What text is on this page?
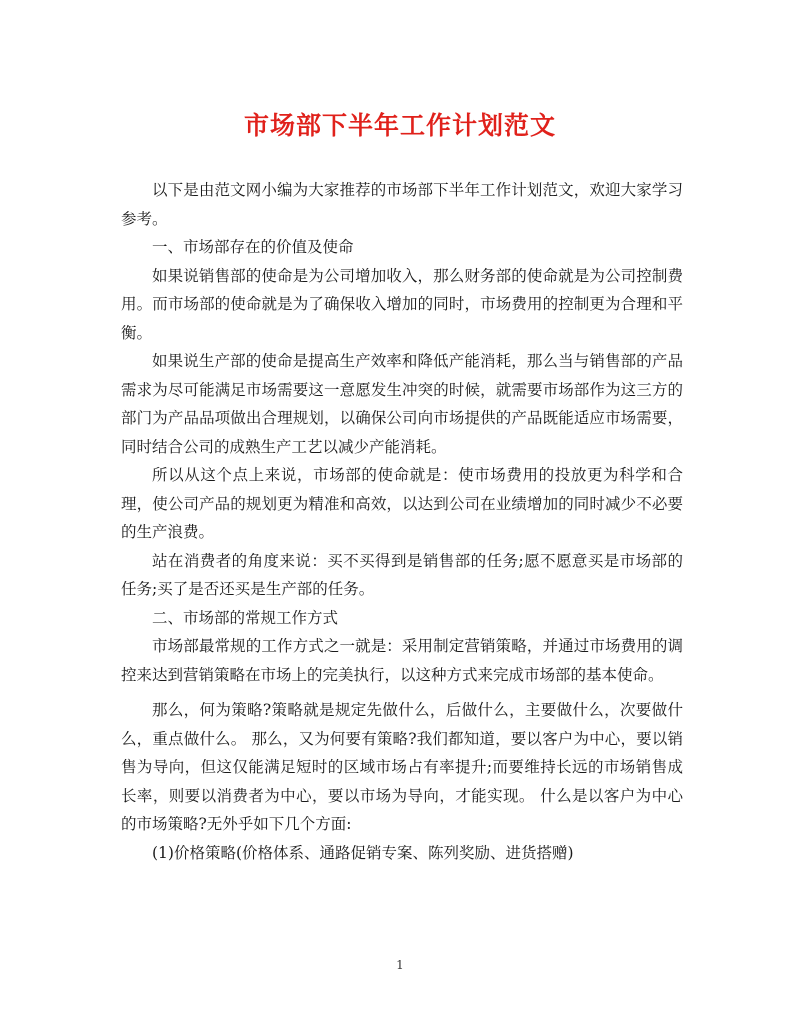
市场部下半年工作计划范文

以下是由范文网小编为大家推荐的市场部下半年工作计划范文，欢迎大家学习参考。

一、市场部存在的价值及使命

如果说销售部的使命是为公司增加收入，那么财务部的使命就是为公司控制费用。而市场部的使命就是为了确保收入增加的同时，市场费用的控制更为合理和平衡。

如果说生产部的使命是提高生产效率和降低产能消耗，那么当与销售部的产品需求为尽可能满足市场需要这一意愿发生冲突的时候，就需要市场部作为这三方的部门为产品品项做出合理规划，以确保公司向市场提供的产品既能适应市场需要，同时结合公司的成熟生产工艺以减少产能消耗。

所以从这个点上来说，市场部的使命就是：使市场费用的投放更为科学和合理，使公司产品的规划更为精准和高效，以达到公司在业绩增加的同时减少不必要的生产浪费。

站在消费者的角度来说：买不买得到是销售部的任务;愿不愿意买是市场部的任务;买了是否还买是生产部的任务。

二、市场部的常规工作方式

市场部最常规的工作方式之一就是：采用制定营销策略，并通过市场费用的调控来达到营销策略在市场上的完美执行，以这种方式来完成市场部的基本使命。

那么，何为策略?策略就是规定先做什么，后做什么，主要做什么，次要做什么，重点做什么。 那么，又为何要有策略?我们都知道，要以客户为中心，要以销售为导向，但这仅能满足短时的区域市场占有率提升;而要维持长远的市场销售成长率，则要以消费者为中心，要以市场为导向，才能实现。 什么是以客户为中心的市场策略?无外乎如下几个方面:

(1)价格策略(价格体系、通路促销专案、陈列奖励、进货搭赠)

1
